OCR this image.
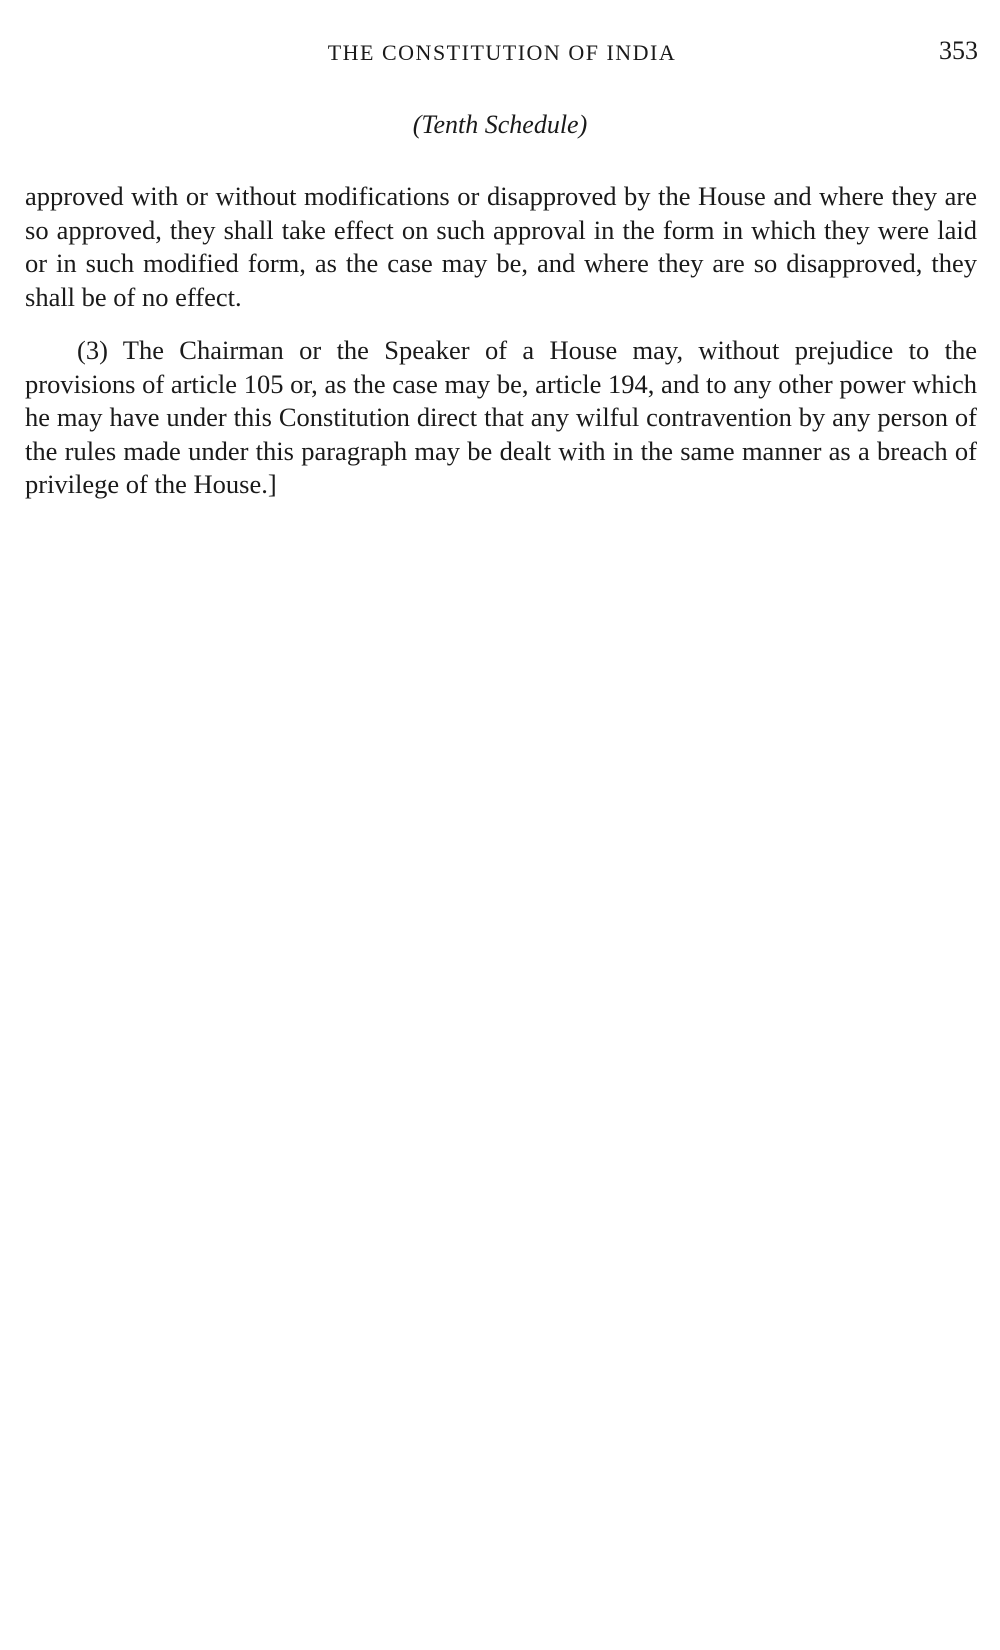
THE CONSTITUTION OF INDIA	353
(Tenth Schedule)

approved with or without modifications or disapproved by the House and where they are so approved, they shall take effect on such approval in the form in which they were laid or in such modified form, as the case may be, and where they are so disapproved, they shall be of no effect.

(3) The Chairman or the Speaker of a House may, without prejudice to the provisions of article 105 or, as the case may be, article 194, and to any other power which he may have under this Constitution direct that any wilful contravention by any person of the rules made under this paragraph may be dealt with in the same manner as a breach of privilege of the House.]
